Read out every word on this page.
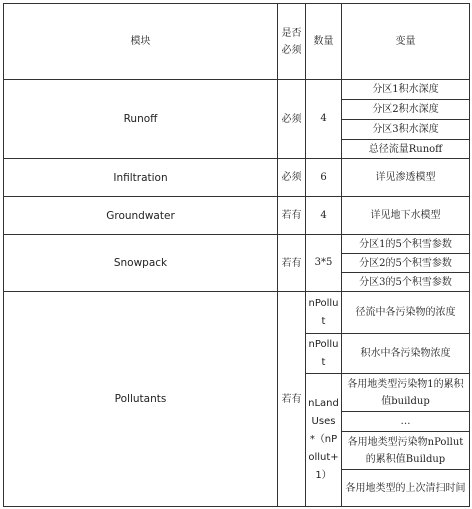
模块	是否必须	数量	变量
Runoff	必须	4	分区1积水深度
			分区2积水深度
			分区3积水深度
			总径流量Runoff
Infiltration	必须	6	详见渗透模型
Groundwater	若有	4	详见地下水模型
Snowpack	若有	3*5	分区1的5个积雪参数
			分区2的5个积雪参数
			分区3的5个积雪参数
Pollutants	若有	nPollut	径流中各污染物的浓度
		nPollut	积水中各污染物浓度
		nLandUses *（nPollut+1）	各用地类型污染物1的累积值buildup
			…
			各用地类型污染物nPollut的累积值Buildup
			各用地类型的上次清扫时间
